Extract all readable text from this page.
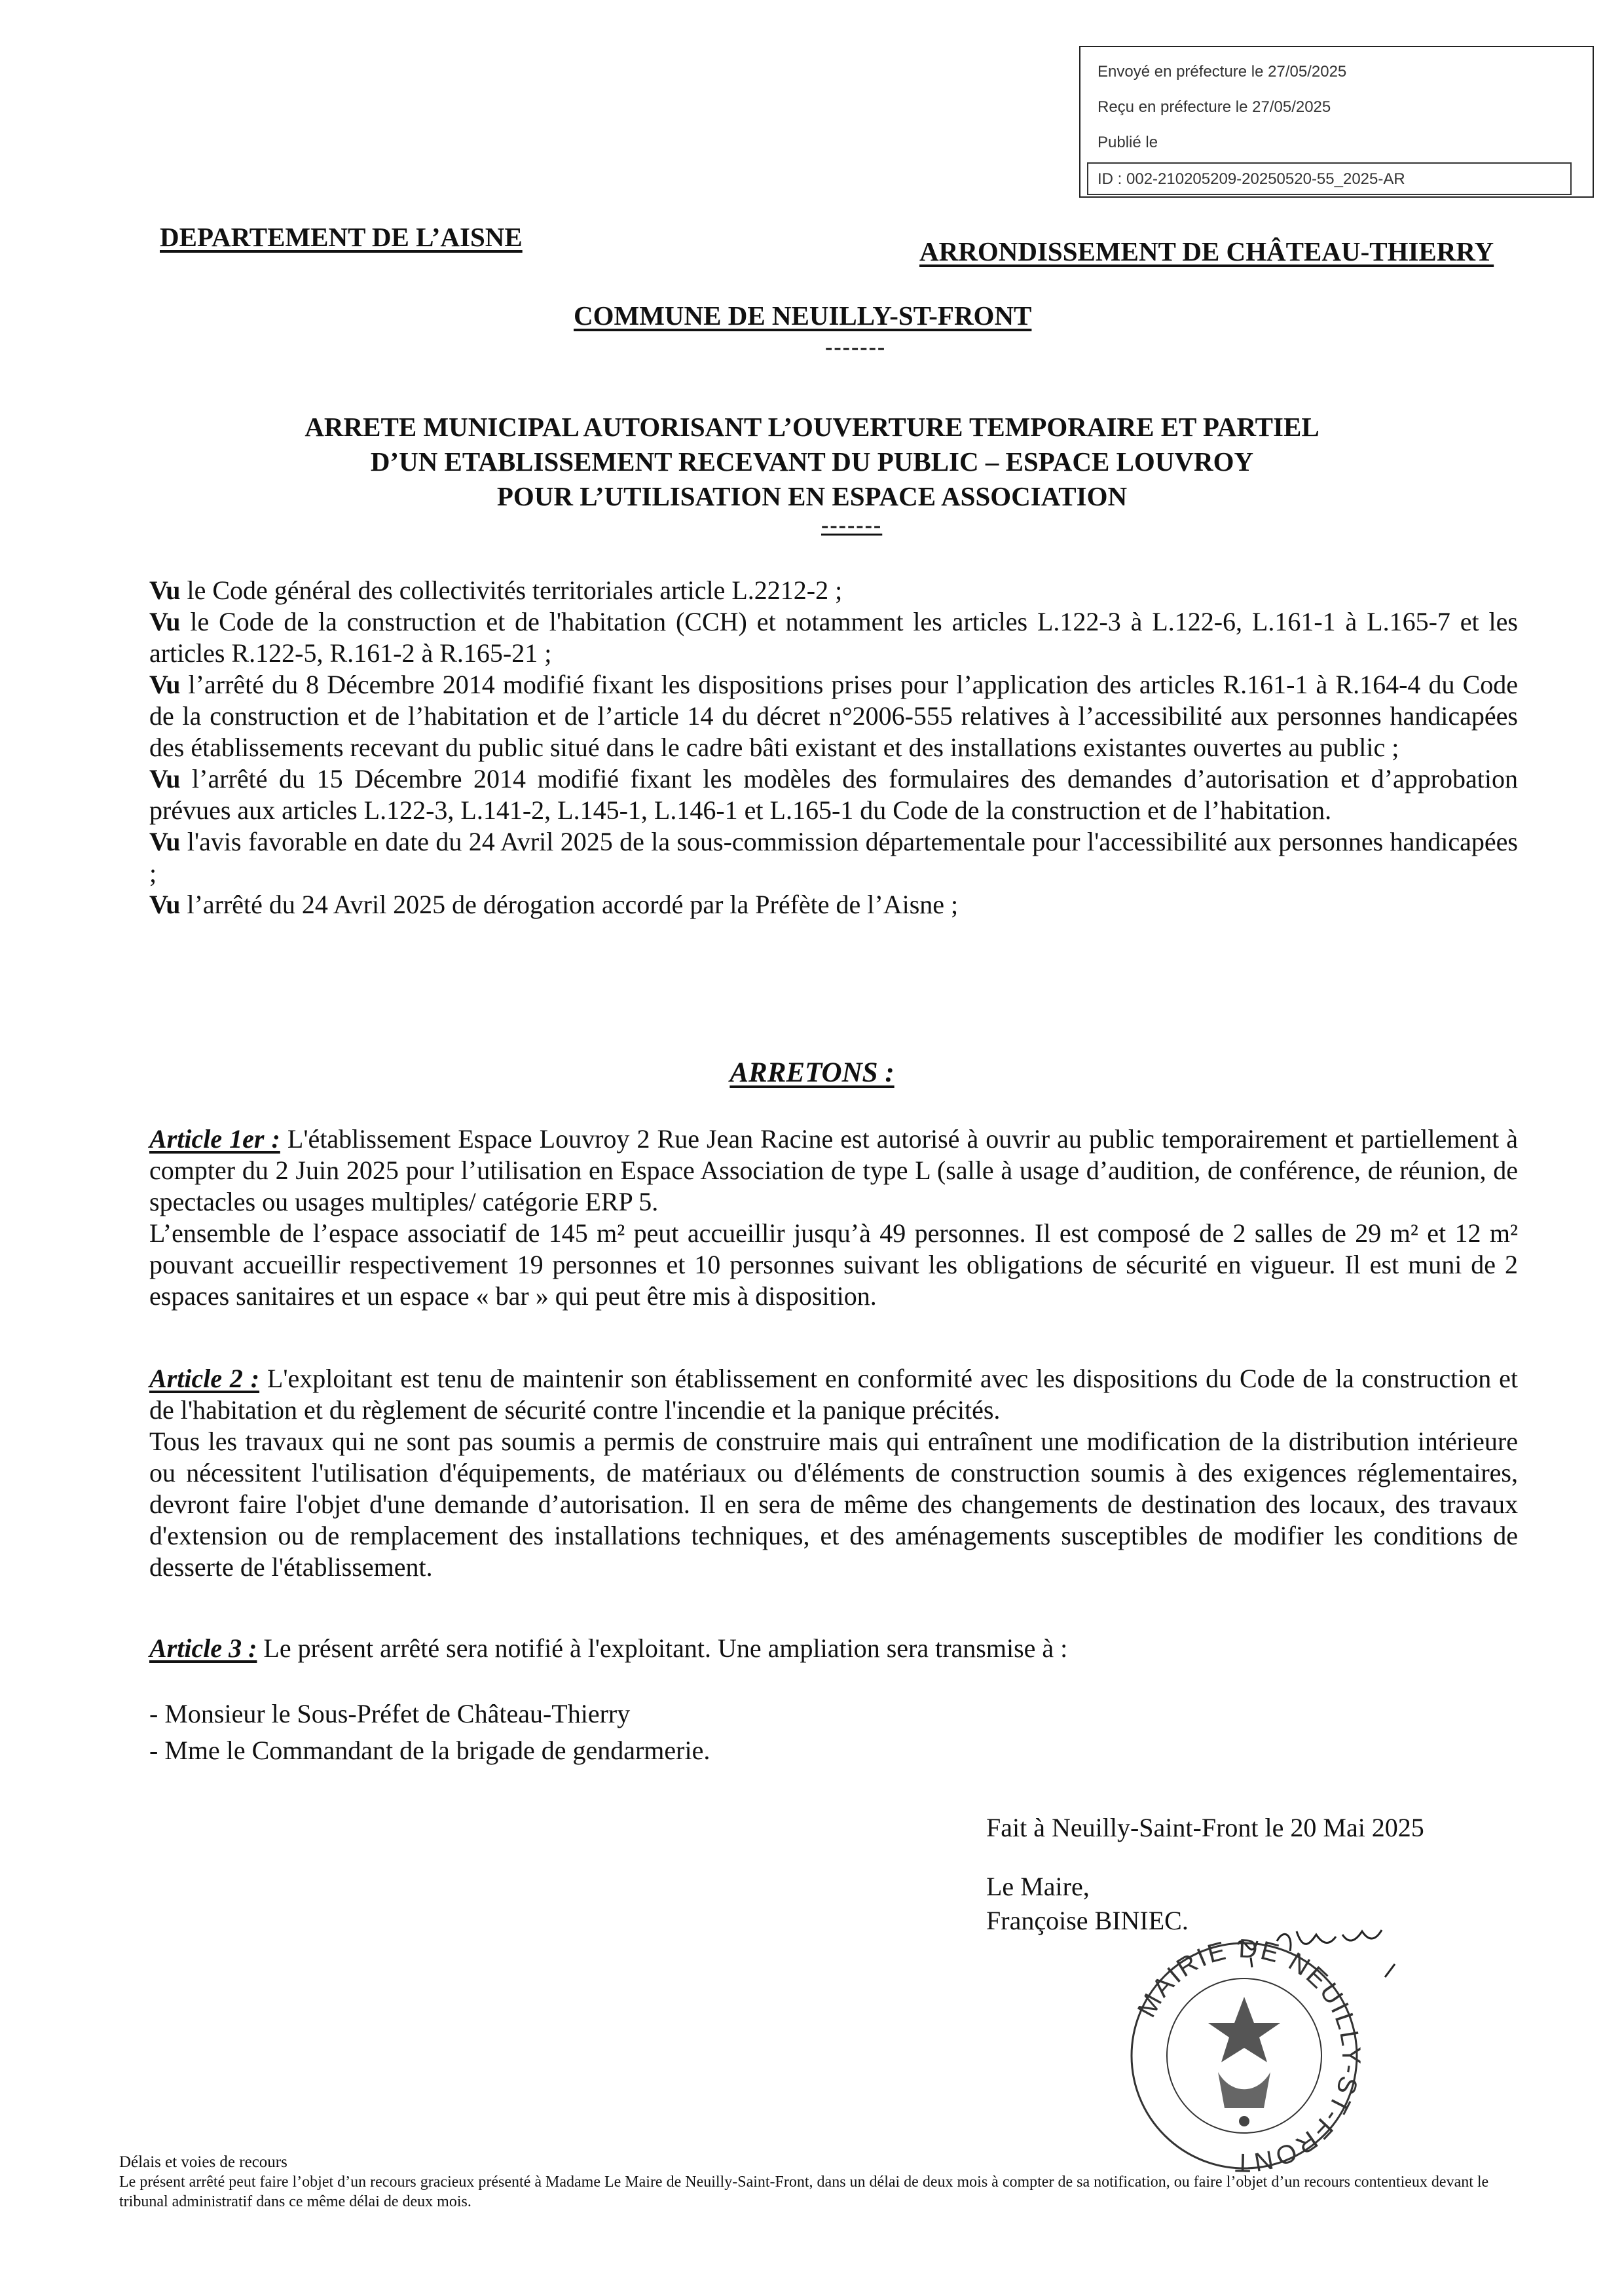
Envoyé en préfecture le 27/05/2025
Reçu en préfecture le 27/05/2025
Publié le
ID : 002-210205209-20250520-55_2025-AR
DEPARTEMENT DE L’AISNE	ARRONDISSEMENT DE CHÂTEAU-THIERRY
COMMUNE DE NEUILLY-ST-FRONT
-------
ARRETE MUNICIPAL AUTORISANT L’OUVERTURE TEMPORAIRE ET PARTIEL
D’UN ETABLISSEMENT RECEVANT DU PUBLIC – ESPACE LOUVROY
POUR L’UTILISATION EN ESPACE ASSOCIATION
-------

Vu le Code général des collectivités territoriales article L.2212-2 ;

Vu le Code de la construction et de l'habitation (CCH) et notamment les articles L.122-3 à L.122-6, L.161-1 à L.165-7 et les articles R.122-5, R.161-2 à R.165-21 ;

Vu l’arrêté du 8 Décembre 2014 modifié fixant les dispositions prises pour l’application des articles R.161-1 à R.164-4 du Code de la construction et de l’habitation et de l’article 14 du décret n°2006-555 relatives à l’accessibilité aux personnes handicapées des établissements recevant du public situé dans le cadre bâti existant et des installations existantes ouvertes au public ;

Vu l’arrêté du 15 Décembre 2014 modifié fixant les modèles des formulaires des demandes d’autorisation et d’approbation prévues aux articles L.122-3, L.141-2, L.145-1, L.146-1 et L.165-1 du Code de la construction et de l’habitation.

Vu l'avis favorable en date du 24 Avril 2025 de la sous-commission départementale pour l'accessibilité aux personnes handicapées ;

Vu l’arrêté du 24 Avril 2025 de dérogation accordé par la Préfète de l’Aisne ;

ARRETONS :

Article 1er : L'établissement Espace Louvroy 2 Rue Jean Racine est autorisé à ouvrir au public temporairement et partiellement à compter du 2 Juin 2025 pour l’utilisation en Espace Association de type L (salle à usage d’audition, de conférence, de réunion, de spectacles ou usages multiples/ catégorie ERP 5.

L’ensemble de l’espace associatif de 145 m² peut accueillir jusqu’à 49 personnes. Il est composé de 2 salles de 29 m² et 12 m² pouvant accueillir respectivement 19 personnes et 10 personnes suivant les obligations de sécurité en vigueur. Il est muni de 2 espaces sanitaires et un espace « bar » qui peut être mis à disposition.

Article 2 : L'exploitant est tenu de maintenir son établissement en conformité avec les dispositions du Code de la construction et de l'habitation et du règlement de sécurité contre l'incendie et la panique précités.

Tous les travaux qui ne sont pas soumis a permis de construire mais qui entraînent une modification de la distribution intérieure ou nécessitent l'utilisation d'équipements, de matériaux ou d'éléments de construction soumis à des exigences réglementaires, devront faire l'objet d'une demande d’autorisation. Il en sera de même des changements de destination des locaux, des travaux d'extension ou de remplacement des installations techniques, et des aménagements susceptibles de modifier les conditions de desserte de l'établissement.

Article 3 : Le présent arrêté sera notifié à l'exploitant. Une ampliation sera transmise à :

- Monsieur le Sous-Préfet de Château-Thierry

- Mme le Commandant de la brigade de gendarmerie.

Fait à Neuilly-Saint-Front le 20 Mai 2025
Le Maire,
Françoise BINIEC.
MAIRIE DE NEUILLY-ST-FRONT
Délais et voies de recours
Le présent arrêté peut faire l’objet d’un recours gracieux présenté à Madame Le Maire de Neuilly-Saint-Front, dans un délai de deux mois à compter de sa notification, ou faire l’objet d’un recours contentieux devant le tribunal administratif dans ce même délai de deux mois.
